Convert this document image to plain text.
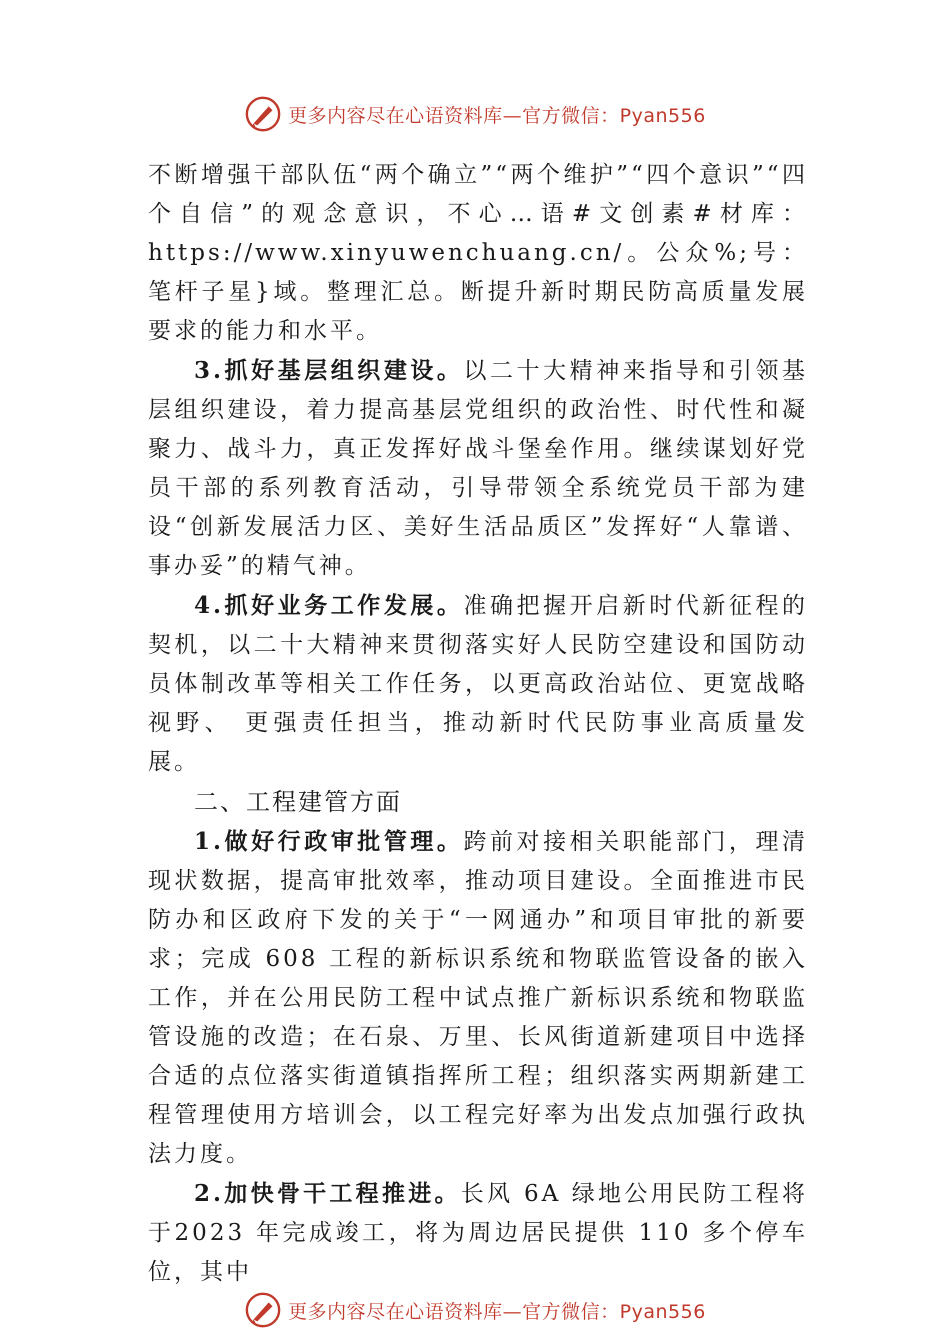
更多内容尽在心语资料库—官方微信：Pyan556

不断增强干部队伍“两个确立”“两个维护”“四个意识”“四个自信”的观念意识，不心…语#文创素#材库：https://www.xinyuwenchuang.cn/。公众%;号：笔杆子星}域。整理汇总。断提升新时期民防高质量发展要求的能力和水平。

3.抓好基层组织建设。以二十大精神来指导和引领基层组织建设，着力提高基层党组织的政治性、时代性和凝聚力、战斗力，真正发挥好战斗堡垒作用。继续谋划好党员干部的系列教育活动，引导带领全系统党员干部为建设“创新发展活力区、美好生活品质区”发挥好“人靠谱、事办妥”的精气神。

4.抓好业务工作发展。准确把握开启新时代新征程的契机，以二十大精神来贯彻落实好人民防空建设和国防动员体制改革等相关工作任务，以更高政治站位、更宽战略视野、 更强责任担当，推动新时代民防事业高质量发展。

二、工程建管方面

1.做好行政审批管理。跨前对接相关职能部门，理清现状数据，提高审批效率，推动项目建设。全面推进市民防办和区政府下发的关于“一网通办”和项目审批的新要求；完成 608 工程的新标识系统和物联监管设备的嵌入工作，并在公用民防工程中试点推广新标识系统和物联监管设施的改造；在石泉、万里、长风街道新建项目中选择合适的点位落实街道镇指挥所工程；组织落实两期新建工程管理使用方培训会，以工程完好率为出发点加强行政执法力度。

2.加快骨干工程推进。长风 6A 绿地公用民防工程将于2023 年完成竣工，将为周边居民提供 110 多个停车位，其中

更多内容尽在心语资料库—官方微信：Pyan556
